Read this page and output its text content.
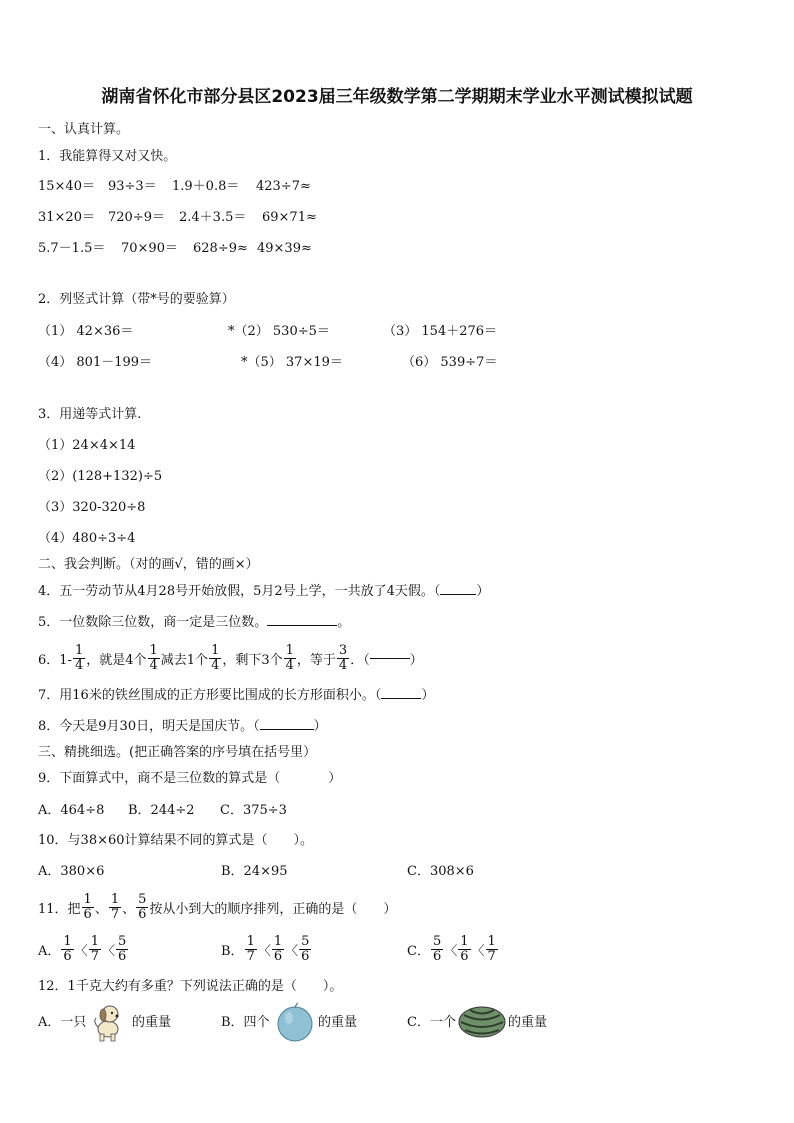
湖南省怀化市部分县区2023届三年级数学第二学期期末学业水平测试模拟试题
一、认真计算。
1．我能算得又对又快。
15×40＝ 93÷3＝ 1.9＋0.8＝ 423÷7≈
31×20＝ 720÷9＝ 2.4＋3.5＝ 69×71≈
5.7－1.5＝ 70×90＝ 628÷9≈ 49×39≈
2．列竖式计算（带*号的要验算）
（1） 42×36＝	*（2） 530÷5＝	（3） 154＋276＝
（4） 801－199＝	*（5） 37×19＝	（6） 539÷7＝
3．用递等式计算.
（1）24×4×14
（2）(128+132)÷5
（3）320-320÷8
（4）480÷3÷4
二、我会判断。（对的画√，错的画×）
4．五一劳动节从4月28号开始放假，5月2号上学，一共放了4天假。（	）
5．一位数除三位数，商一定是三位数。	。
6．$1- \frac{1}{4}$ ，就是4个 $\frac{1}{4}$ 减去1个 $\frac{1}{4}$ ，剩下3个 $\frac{1}{4}$ ，等于 $\frac{3}{4}$ ．（	）
7．用16米的铁丝围成的正方形要比围成的长方形面积小。（	）
8．今天是9月30日，明天是国庆节。（	）
三、精挑细选。(把正确答案的序号填在括号里）
9．下面算式中，商不是三位数的算式是（	）
A．464÷8 B．244÷2 C．375÷3
10．与38×60计算结果不同的算式是（　　）。
A．380×6	B．24×95	C．308×6
11．把 $\frac{1}{6}$ 、 $\frac{1}{7}$ 、 $\frac{5}{6}$ 按从小到大的顺序排列，正确的是（　　）
A． $\frac{1}{6}$ 〈 $\frac{1}{7}$ 〈 $\frac{5}{6}$	B． $\frac{1}{7}$ 〈 $\frac{1}{6}$ 〈 $\frac{5}{6}$	C． $\frac{5}{6}$ 〈 $\frac{1}{6}$ 〈 $\frac{1}{7}$
12．1千克大约有多重？下列说法正确的是（　　）。
A．一只	的重量	B．四个	的重量	C．一个	的重量
